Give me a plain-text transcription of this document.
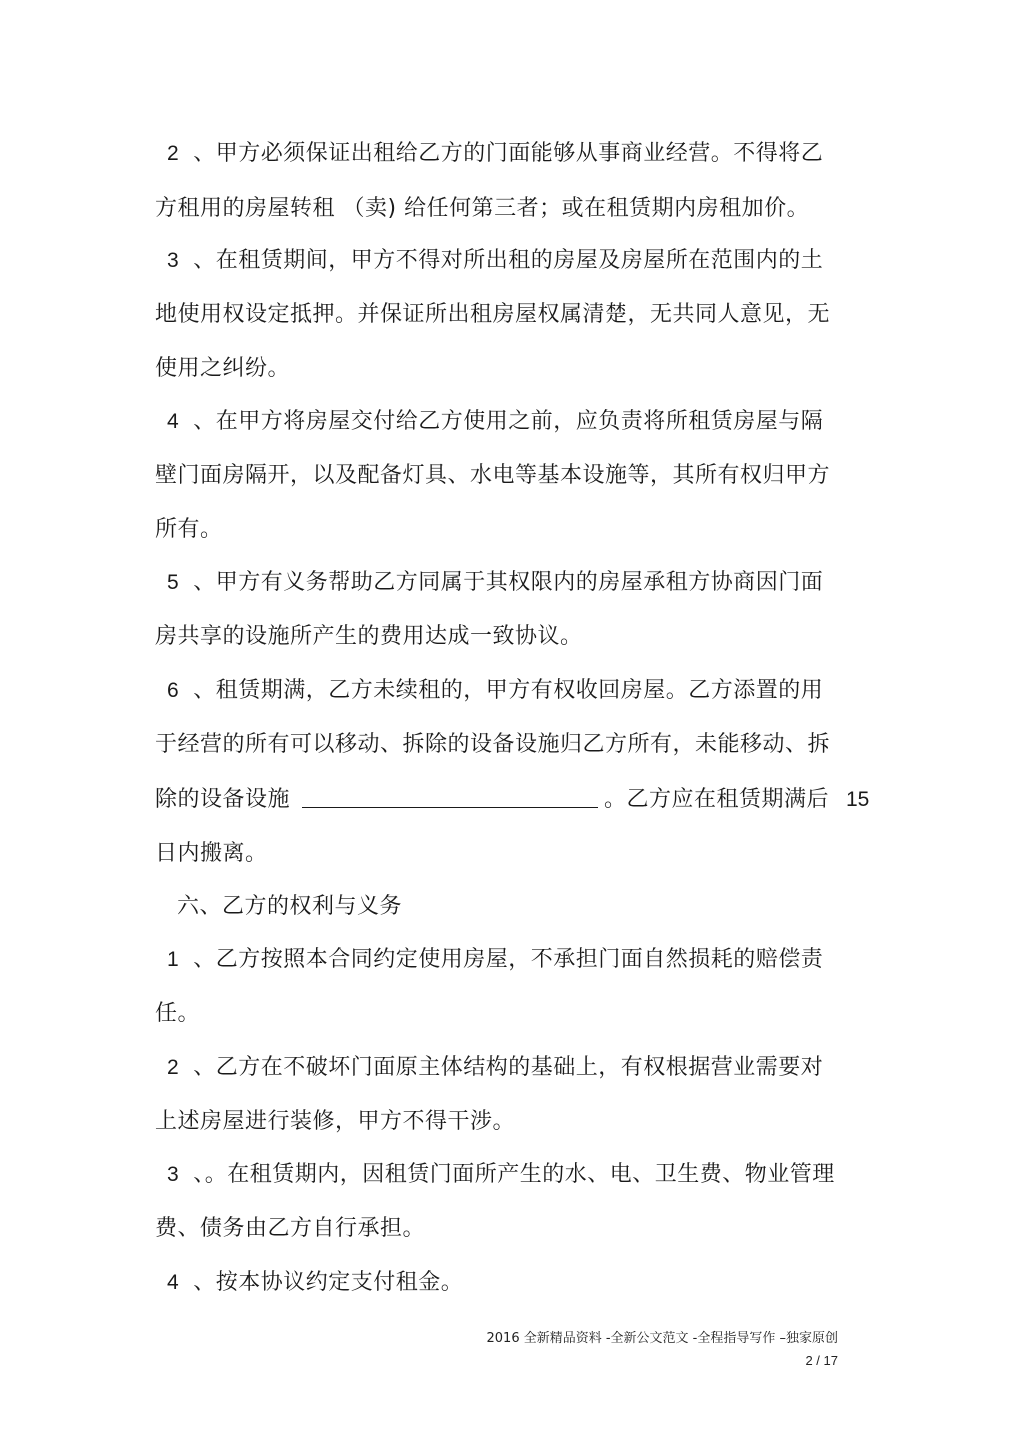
2 、甲方必须保证出租给乙方的门面能够从事商业经营。不得将乙
方租用的房屋转租 （卖) 给任何第三者；或在租赁期内房租加价。
3 、在租赁期间，甲方不得对所出租的房屋及房屋所在范围内的土
地使用权设定抵押。并保证所出租房屋权属清楚，无共同人意见，无
使用之纠纷。
4 、在甲方将房屋交付给乙方使用之前，应负责将所租赁房屋与隔
壁门面房隔开，以及配备灯具、水电等基本设施等，其所有权归甲方
所有。
5 、甲方有义务帮助乙方同属于其权限内的房屋承租方协商因门面
房共享的设施所产生的费用达成一致协议。
6 、租赁期满，乙方未续租的，甲方有权收回房屋。乙方添置的用
于经营的所有可以移动、拆除的设备设施归乙方所有，未能移动、拆
除的设备设施	。乙方应在租赁期满后 15
日内搬离。
六、乙方的权利与义务
1 、乙方按照本合同约定使用房屋，不承担门面自然损耗的赔偿责
任。
2 、乙方在不破坏门面原主体结构的基础上，有权根据营业需要对
上述房屋进行装修，甲方不得干涉。
3 、。在租赁期内，因租赁门面所产生的水、电、卫生费、物业管理
费、债务由乙方自行承担。
4 、按本协议约定支付租金。
2016 全新精品资料 -全新公文范文 -全程指导写作 –独家原创
2 / 17
